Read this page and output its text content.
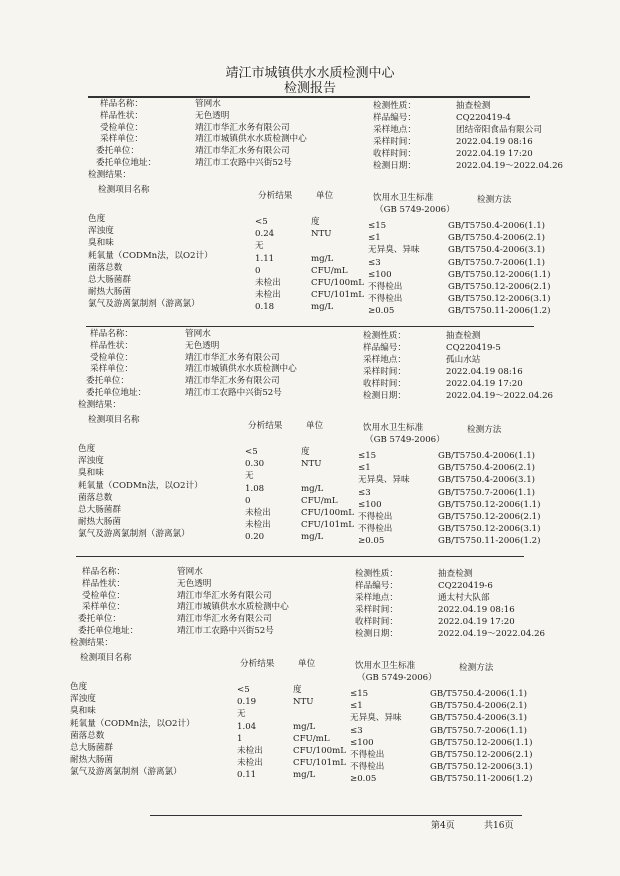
靖江市城镇供水水质检测中心
检测报告
样品名称：	管网水
样品性状：	无色透明
受检单位：	靖江市华汇水务有限公司
采样单位：	靖江市城镇供水水质检测中心
委托单位：	靖江市华汇水务有限公司
委托单位地址：	靖江市工农路中兴街52号
检测结果：
检测性质：	抽查检测
样品编号：	CQ220419-4
采样地点：	团结帝阳食品有限公司
采样时间：	2022.04.19 08:16
收样时间：	2022.04.19 17:20
检测日期：	2022.04.19～2022.04.26
检测项目名称
分析结果	单位	饮用水卫生标准
（GB 5749-2006）
检测方法
色度	<5	度	≤15	GB/T5750.4-2006(1.1)
浑浊度	0.24	NTU	≤1	GB/T5750.4-2006(2.1)
臭和味	无	无异臭、异味	GB/T5750.4-2006(3.1)
耗氧量（CODMn法，以O2计）	1.11	mg/L	≤3	GB/T5750.7-2006(1.1)
菌落总数	0	CFU/mL ≤100	GB/T5750.12-2006(1.1)
总大肠菌群	未检出	CFU/100mL 不得检出	GB/T5750.12-2006(2.1)
耐热大肠菌	未检出	CFU/101mL 不得检出	GB/T5750.12-2006(3.1)
氯气及游离氯制剂（游离氯）	0.18	mg/L	≥0.05	GB/T5750.11-2006(1.2)
样品名称：	管网水
样品性状：	无色透明
受检单位：	靖江市华汇水务有限公司
采样单位：	靖江市城镇供水水质检测中心
委托单位：	靖江市华汇水务有限公司
委托单位地址：	靖江市工农路中兴街52号
检测结果：
检测性质：	抽查检测
样品编号：	CQ220419-5
采样地点：	孤山水站
采样时间：	2022.04.19 08:16
收样时间：	2022.04.19 17:20
检测日期：	2022.04.19～2022.04.26
检测项目名称
分析结果	单位	饮用水卫生标准
（GB 5749-2006）
检测方法
色度	<5	度	≤15	GB/T5750.4-2006(1.1)
浑浊度	0.30	NTU	≤1	GB/T5750.4-2006(2.1)
臭和味	无	无异臭、异味	GB/T5750.4-2006(3.1)
耗氧量（CODMn法，以O2计）	1.08	mg/L	≤3	GB/T5750.7-2006(1.1)
菌落总数	0	CFU/mL ≤100	GB/T5750.12-2006(1.1)
总大肠菌群	未检出	CFU/100mL 不得检出	GB/T5750.12-2006(2.1)
耐热大肠菌	未检出	CFU/101mL 不得检出	GB/T5750.12-2006(3.1)
氯气及游离氯制剂（游离氯）	0.20	mg/L	≥0.05	GB/T5750.11-2006(1.2)
样品名称：	管网水
样品性状：	无色透明
受检单位：	靖江市华汇水务有限公司
采样单位：	靖江市城镇供水水质检测中心
委托单位：	靖江市华汇水务有限公司
委托单位地址：	靖江市工农路中兴街52号
检测结果：
检测性质：	抽查检测
样品编号：	CQ220419-6
采样地点：	通太村大队部
采样时间：	2022.04.19 08:16
收样时间：	2022.04.19 17:20
检测日期：	2022.04.19～2022.04.26
检测项目名称
分析结果	单位	饮用水卫生标准
（GB 5749-2006）
检测方法
色度	<5	度	≤15	GB/T5750.4-2006(1.1)
浑浊度	0.19	NTU	≤1	GB/T5750.4-2006(2.1)
臭和味	无	无异臭、异味	GB/T5750.4-2006(3.1)
耗氧量（CODMn法，以O2计）	1.04	mg/L	≤3	GB/T5750.7-2006(1.1)
菌落总数	1	CFU/mL ≤100	GB/T5750.12-2006(1.1)
总大肠菌群	未检出	CFU/100mL 不得检出	GB/T5750.12-2006(2.1)
耐热大肠菌	未检出	CFU/101mL 不得检出	GB/T5750.12-2006(3.1)
氯气及游离氯制剂（游离氯）	0.11	mg/L	≥0.05	GB/T5750.11-2006(1.2)
第4页	共16页
